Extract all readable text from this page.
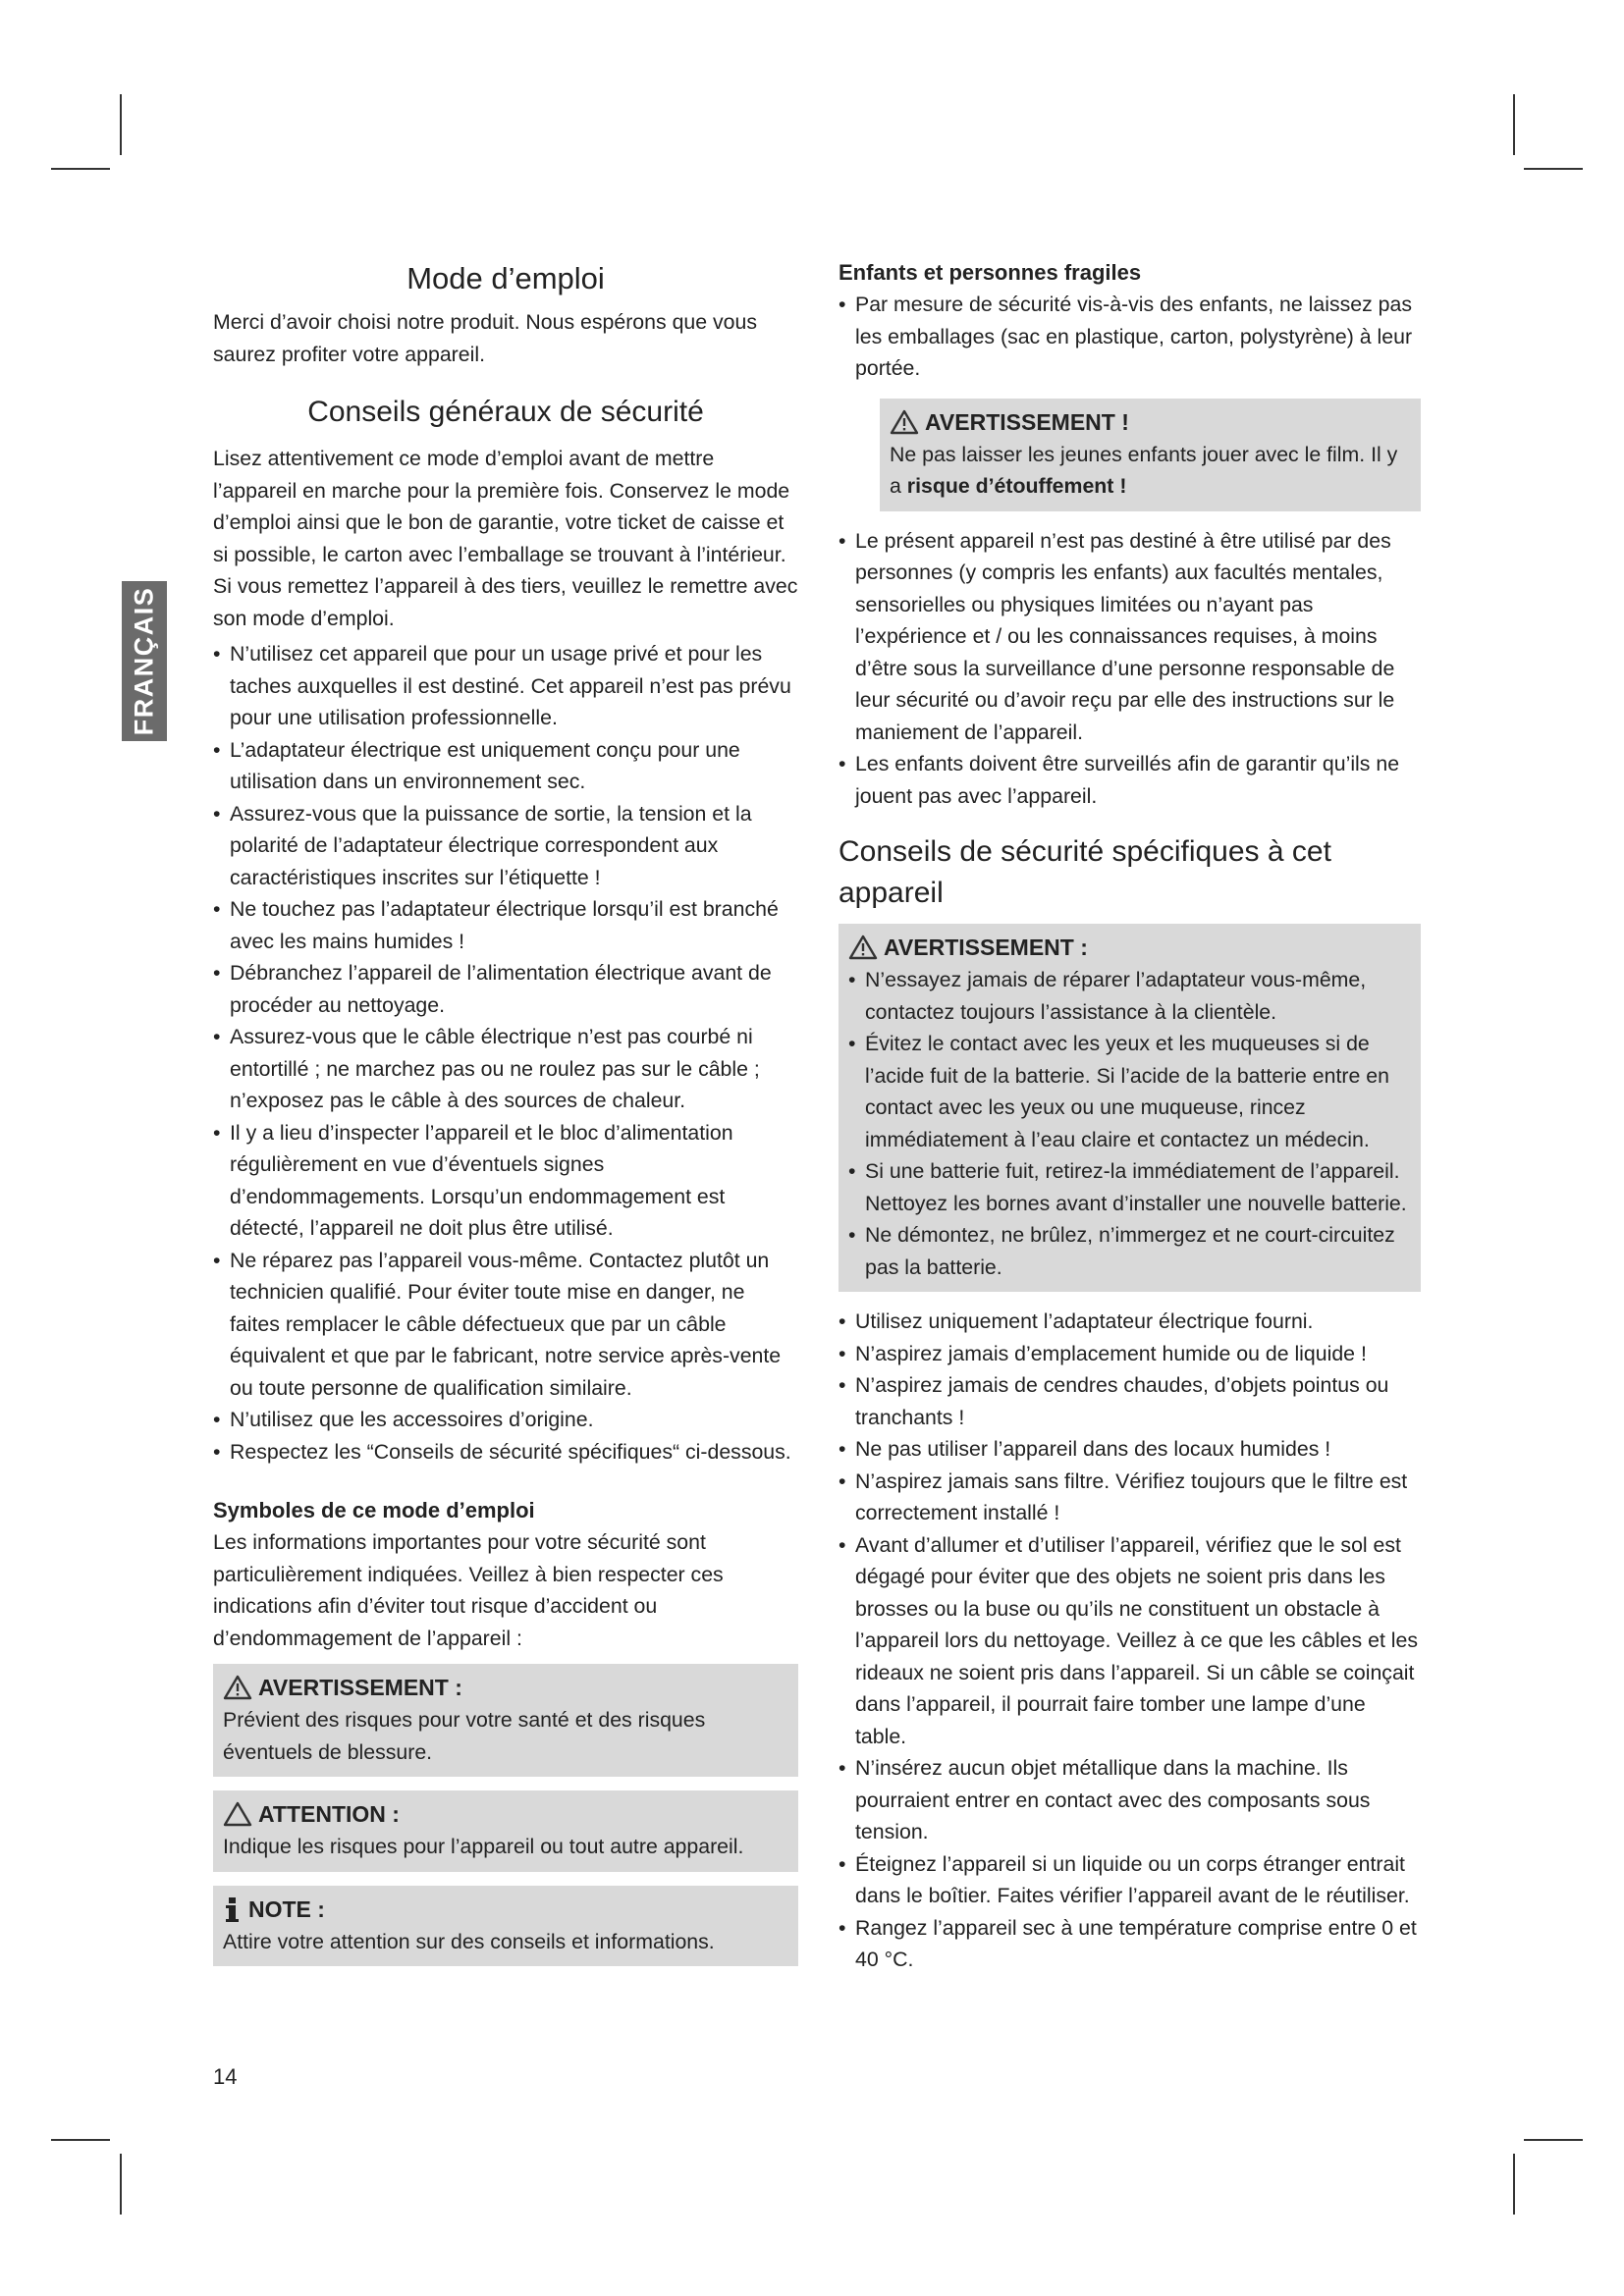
FRANÇAIS
Mode d’emploi

Merci d’avoir choisi notre produit. Nous espérons que vous saurez profiter votre appareil.

Conseils généraux de sécurité

Lisez attentivement ce mode d’emploi avant de mettre l’appareil en marche pour la première fois. Conservez le mode d’emploi ainsi que le bon de garantie, votre ticket de caisse et si possible, le carton avec l’emballage se trouvant à l’intérieur. Si vous remettez l’appareil à des tiers, veuillez le remettre avec son mode d’emploi.

• N’utilisez cet appareil que pour un usage privé et pour les taches auxquelles il est destiné. Cet appareil n’est pas prévu pour une utilisation professionnelle.
• L’adaptateur électrique est uniquement conçu pour une utilisation dans un environnement sec.
• Assurez-vous que la puissance de sortie, la tension et la polarité de l’adaptateur électrique correspondent aux caractéristiques inscrites sur l’étiquette !
• Ne touchez pas l’adaptateur électrique lorsqu’il est branché avec les mains humides !
• Débranchez l’appareil de l’alimentation électrique avant de procéder au nettoyage.
• Assurez-vous que le câble électrique n’est pas courbé ni entortillé ; ne marchez pas ou ne roulez pas sur le câble ; n’exposez pas le câble à des sources de chaleur.
• Il y a lieu d’inspecter l’appareil et le bloc d’alimentation régulièrement en vue d’éventuels signes d’endommagements. Lorsqu’un endommagement est détecté, l’appareil ne doit plus être utilisé.
• Ne réparez pas l’appareil vous-même. Contactez plutôt un technicien qualifié. Pour éviter toute mise en danger, ne faites remplacer le câble défectueux que par un câble équivalent et que par le fabricant, notre service après-vente ou toute personne de qualification similaire.
• N’utilisez que les accessoires d’origine.
• Respectez les “Conseils de sécurité spécifiques“ ci-dessous.
Symboles de ce mode d’emploi

Les informations importantes pour votre sécurité sont particulièrement indiquées. Veillez à bien respecter ces indications afin d’éviter tout risque d’accident ou d’endommagement de l’appareil :

AVERTISSEMENT :

Prévient des risques pour votre santé et des risques éventuels de blessure.

ATTENTION :

Indique les risques pour l’appareil ou tout autre appareil.

NOTE :

Attire votre attention sur des conseils et informations.

Enfants et personnes fragiles
• Par mesure de sécurité vis-à-vis des enfants, ne laissez pas les emballages (sac en plastique, carton, polystyrène) à leur portée.
AVERTISSEMENT !

Ne pas laisser les jeunes enfants jouer avec le film. Il y a risque d’étouffement !

• Le présent appareil n’est pas destiné à être utilisé par des personnes (y compris les enfants) aux facultés mentales, sensorielles ou physiques limitées ou n’ayant pas l’expérience et / ou les connaissances requises, à moins d’être sous la surveillance d’une personne responsable de leur sécurité ou d’avoir reçu par elle des instructions sur le maniement de l’appareil.
• Les enfants doivent être surveillés afin de garantir qu’ils ne jouent pas avec l’appareil.
Conseils de sécurité spécifiques à cet appareil
AVERTISSEMENT :
• N’essayez jamais de réparer l’adaptateur vous-même, contactez toujours l’assistance à la clientèle.
• Évitez le contact avec les yeux et les muqueuses si de l’acide fuit de la batterie. Si l’acide de la batterie entre en contact avec les yeux ou une muqueuse, rincez immédiatement à l’eau claire et contactez un médecin.
• Si une batterie fuit, retirez-la immédiatement de l’appareil. Nettoyez les bornes avant d’installer une nouvelle batterie.
• Ne démontez, ne brûlez, n’immergez et ne court-circuitez pas la batterie.
• Utilisez uniquement l’adaptateur électrique fourni.
• N’aspirez jamais d’emplacement humide ou de liquide !
• N’aspirez jamais de cendres chaudes, d’objets pointus ou tranchants !
• Ne pas utiliser l’appareil dans des locaux humides !
• N’aspirez jamais sans filtre. Vérifiez toujours que le filtre est correctement installé !
• Avant d’allumer et d’utiliser l’appareil, vérifiez que le sol est dégagé pour éviter que des objets ne soient pris dans les brosses ou la buse ou qu’ils ne constituent un obstacle à l’appareil lors du nettoyage. Veillez à ce que les câbles et les rideaux ne soient pris dans l’appareil. Si un câble se coinçait dans l’appareil, il pourrait faire tomber une lampe d’une table.
• N’insérez aucun objet métallique dans la machine. Ils pourraient entrer en contact avec des composants sous tension.
• Éteignez l’appareil si un liquide ou un corps étranger entrait dans le boîtier. Faites vérifier l’appareil avant de le réutiliser.
• Rangez l’appareil sec à une température comprise entre 0 et 40 °C.
14
